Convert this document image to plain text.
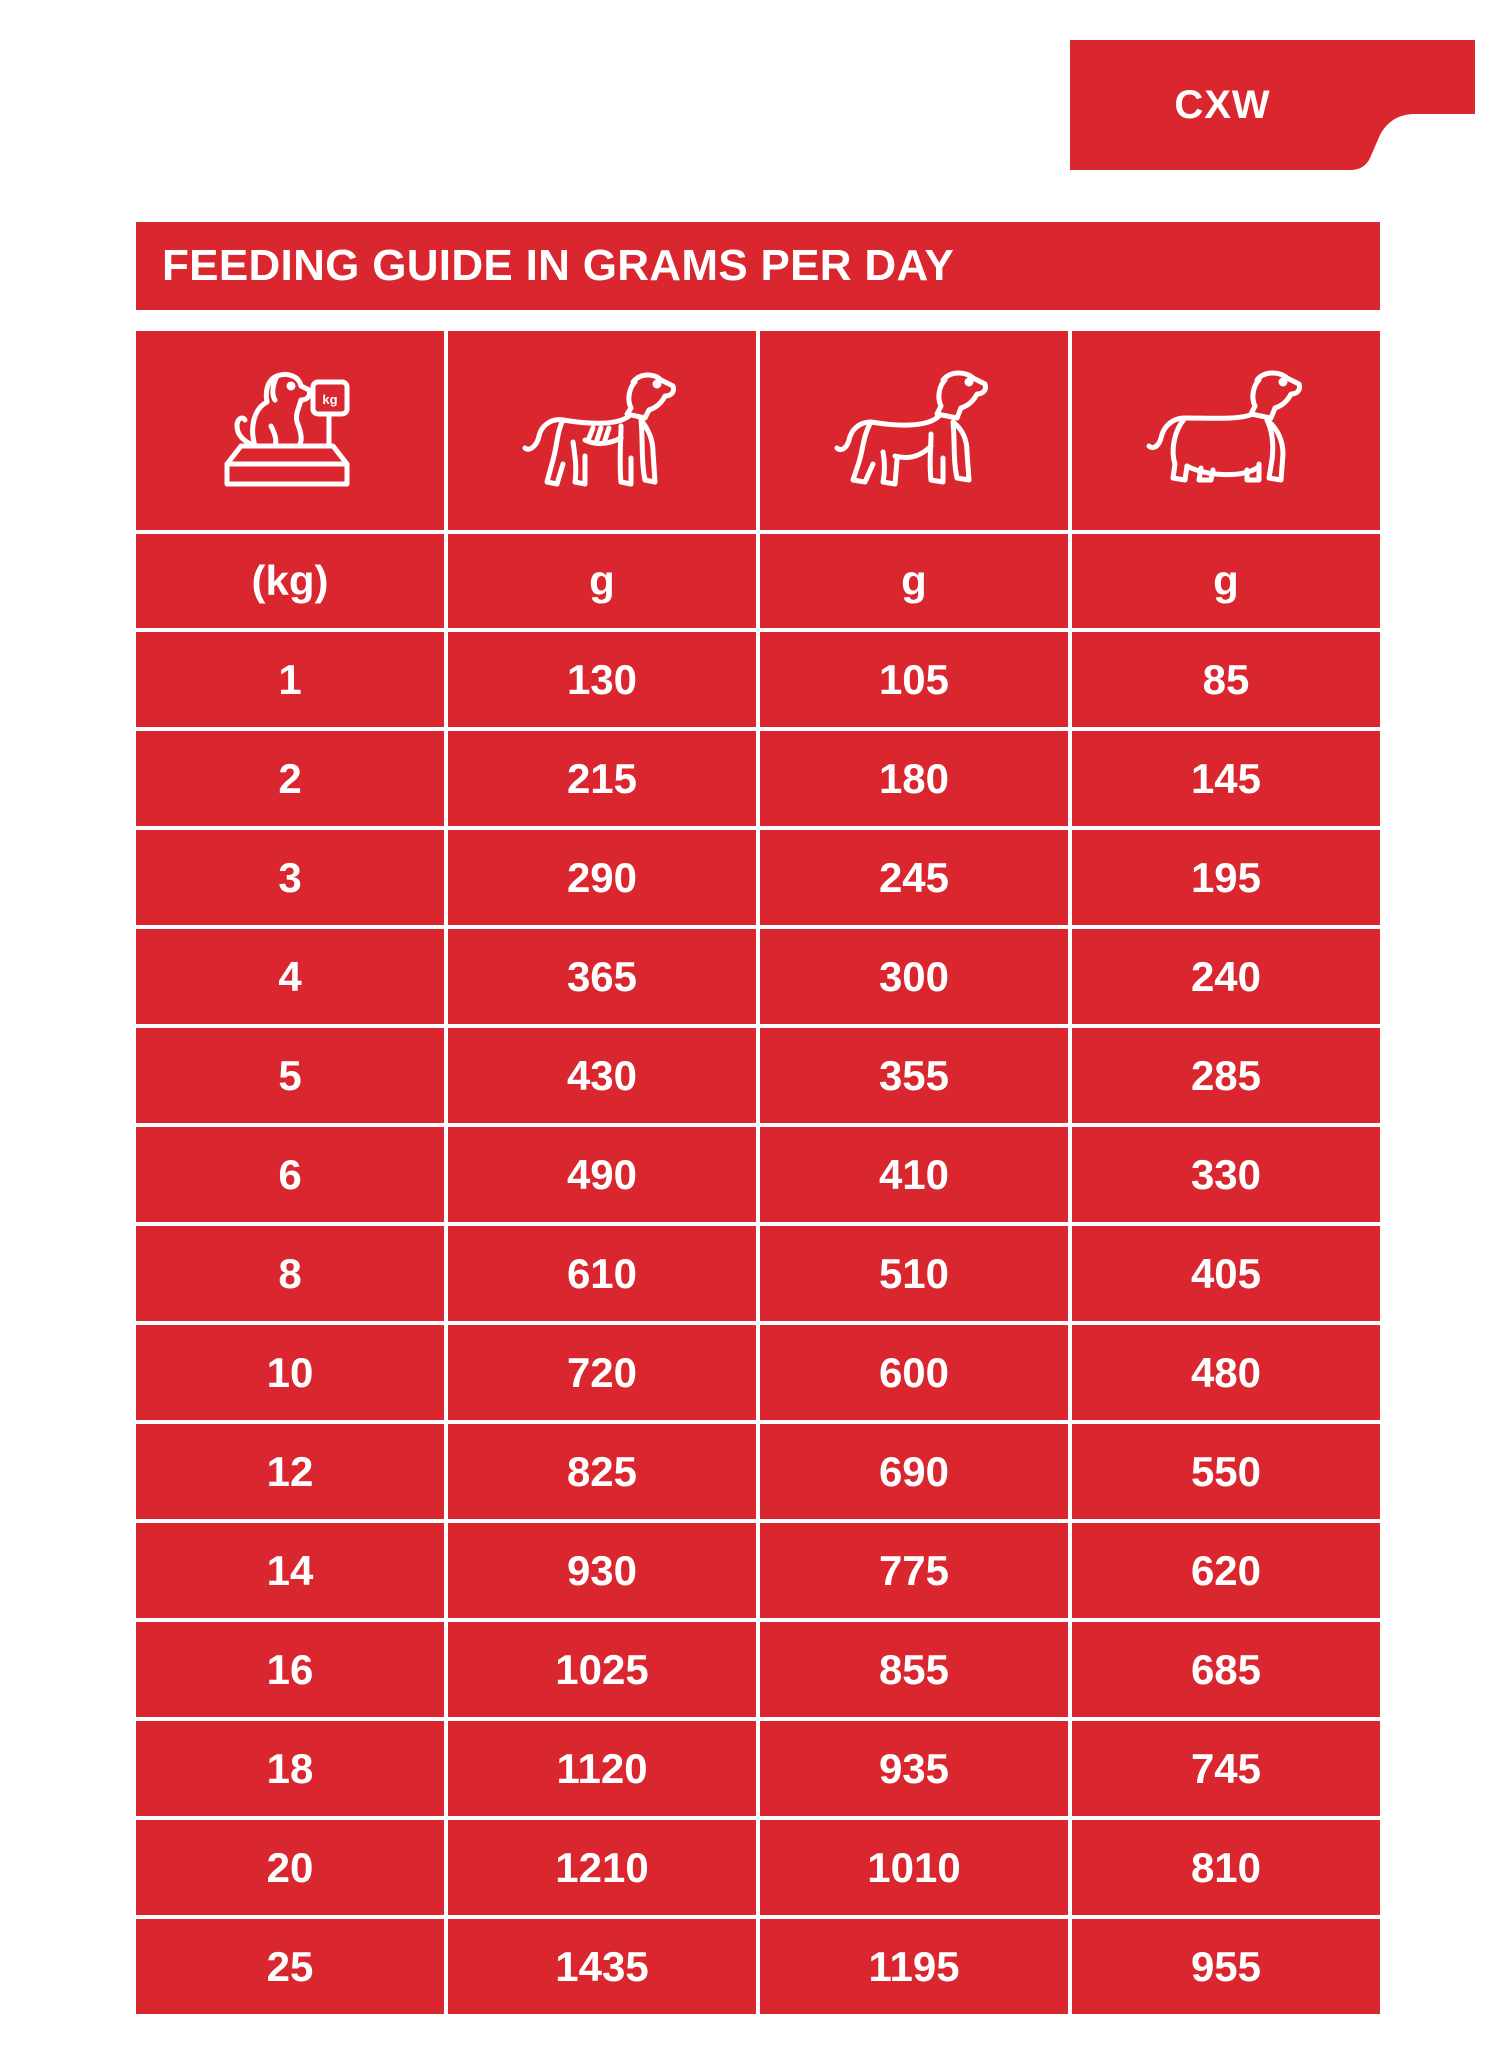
CXW
FEEDING GUIDE IN GRAMS PER DAY
kg
(kg)	g	g	g
1	130	105	85
2	215	180	145
3	290	245	195
4	365	300	240
5	430	355	285
6	490	410	330
8	610	510	405
10	720	600	480
12	825	690	550
14	930	775	620
16	1025	855	685
18	1120	935	745
20	1210	1010	810
25	1435	1195	955
